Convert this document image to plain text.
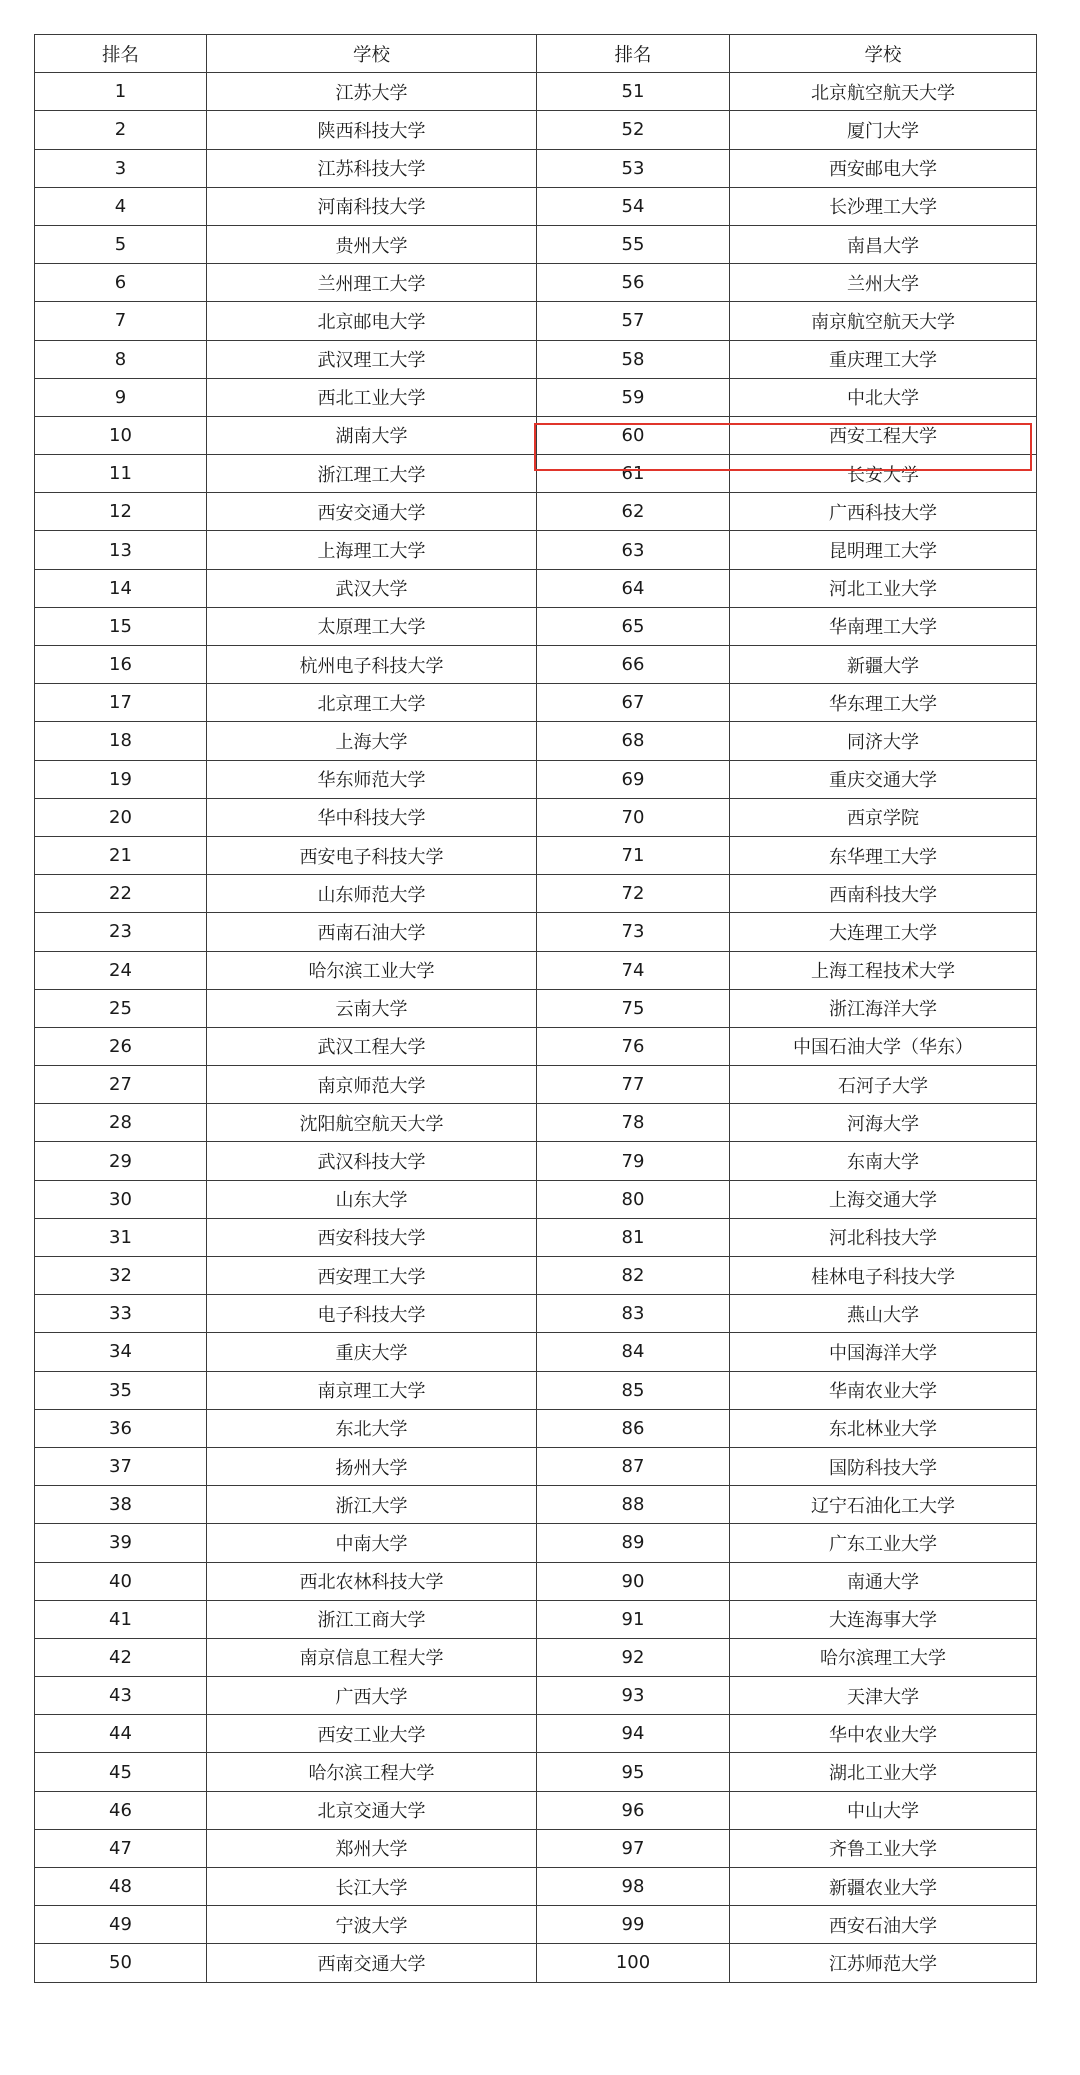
排名	学校	排名	学校
1	江苏大学	51	北京航空航天大学
2	陕西科技大学	52	厦门大学
3	江苏科技大学	53	西安邮电大学
4	河南科技大学	54	长沙理工大学
5	贵州大学	55	南昌大学
6	兰州理工大学	56	兰州大学
7	北京邮电大学	57	南京航空航天大学
8	武汉理工大学	58	重庆理工大学
9	西北工业大学	59	中北大学
10	湖南大学	60	西安工程大学
11	浙江理工大学	61	长安大学
12	西安交通大学	62	广西科技大学
13	上海理工大学	63	昆明理工大学
14	武汉大学	64	河北工业大学
15	太原理工大学	65	华南理工大学
16	杭州电子科技大学	66	新疆大学
17	北京理工大学	67	华东理工大学
18	上海大学	68	同济大学
19	华东师范大学	69	重庆交通大学
20	华中科技大学	70	西京学院
21	西安电子科技大学	71	东华理工大学
22	山东师范大学	72	西南科技大学
23	西南石油大学	73	大连理工大学
24	哈尔滨工业大学	74	上海工程技术大学
25	云南大学	75	浙江海洋大学
26	武汉工程大学	76	中国石油大学（华东）
27	南京师范大学	77	石河子大学
28	沈阳航空航天大学	78	河海大学
29	武汉科技大学	79	东南大学
30	山东大学	80	上海交通大学
31	西安科技大学	81	河北科技大学
32	西安理工大学	82	桂林电子科技大学
33	电子科技大学	83	燕山大学
34	重庆大学	84	中国海洋大学
35	南京理工大学	85	华南农业大学
36	东北大学	86	东北林业大学
37	扬州大学	87	国防科技大学
38	浙江大学	88	辽宁石油化工大学
39	中南大学	89	广东工业大学
40	西北农林科技大学	90	南通大学
41	浙江工商大学	91	大连海事大学
42	南京信息工程大学	92	哈尔滨理工大学
43	广西大学	93	天津大学
44	西安工业大学	94	华中农业大学
45	哈尔滨工程大学	95	湖北工业大学
46	北京交通大学	96	中山大学
47	郑州大学	97	齐鲁工业大学
48	长江大学	98	新疆农业大学
49	宁波大学	99	西安石油大学
50	西南交通大学	100	江苏师范大学
